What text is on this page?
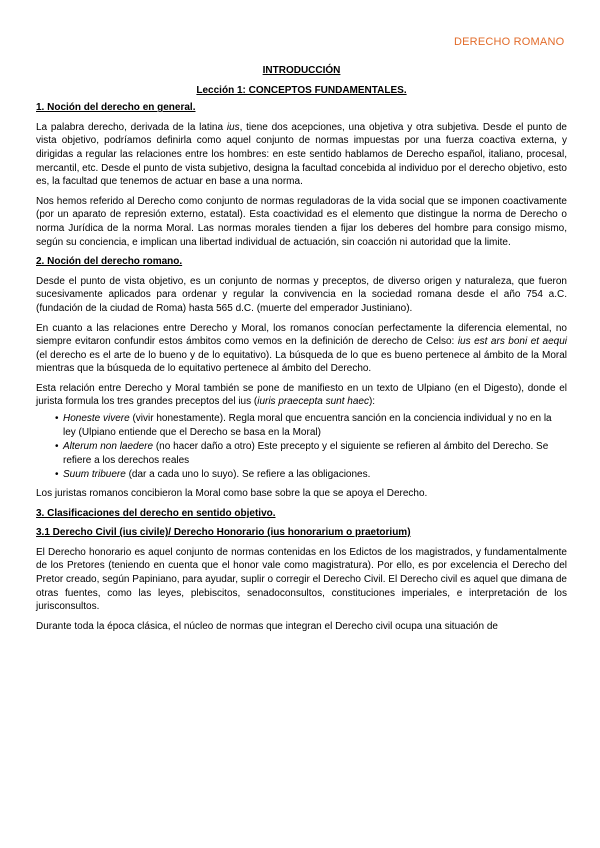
DERECHO ROMANO

INTRODUCCIÓN

Lección 1: CONCEPTOS FUNDAMENTALES.

1. Noción del derecho en general.

La palabra derecho, derivada de la latina ius, tiene dos acepciones, una objetiva y otra subjetiva. Desde el punto de vista objetivo, podríamos definirla como aquel conjunto de normas impuestas por una fuerza coactiva externa, y dirigidas a regular las relaciones entre los hombres: en este sentido hablamos de Derecho español, italiano, procesal, mercantil, etc. Desde el punto de vista subjetivo, designa la facultad concebida al individuo por el derecho objetivo, esto es, la facultad que tenemos de actuar en base a una norma.

Nos hemos referido al Derecho como conjunto de normas reguladoras de la vida social que se imponen coactivamente (por un aparato de represión externo, estatal). Esta coactividad es el elemento que distingue la norma de Derecho o norma Jurídica de la norma Moral. Las normas morales tienden a fijar los deberes del hombre para consigo mismo, según su conciencia, e implican una libertad individual de actuación, sin coacción ni autoridad que la limite.

2. Noción del derecho romano.

Desde el punto de vista objetivo, es un conjunto de normas y preceptos, de diverso origen y naturaleza, que fueron sucesivamente aplicados para ordenar y regular la convivencia en la sociedad romana desde el año 754 a.C. (fundación de la ciudad de Roma) hasta 565 d.C. (muerte del emperador Justiniano).

En cuanto a las relaciones entre Derecho y Moral, los romanos conocían perfectamente la diferencia elemental, no siempre evitaron confundir estos ámbitos como vemos en la definición de derecho de Celso: ius est ars boni et aequi (el derecho es el arte de lo bueno y de lo equitativo). La búsqueda de lo que es bueno pertenece al ámbito de la Moral mientras que la búsqueda de lo equitativo pertenece al ámbito del Derecho.

Esta relación entre Derecho y Moral también se pone de manifiesto en un texto de Ulpiano (en el Digesto), donde el jurista formula los tres grandes preceptos del ius (iuris praecepta sunt haec):

• Honeste vivere (vivir honestamente). Regla moral que encuentra sanción en la conciencia individual y no en la ley (Ulpiano entiende que el Derecho se basa en la Moral)
• Alterum non laedere (no hacer daño a otro) Este precepto y el siguiente se refieren al ámbito del Derecho. Se refiere a los derechos reales
• Suum tribuere (dar a cada uno lo suyo). Se refiere a las obligaciones.

Los juristas romanos concibieron la Moral como base sobre la que se apoya el Derecho.

3. Clasificaciones del derecho en sentido objetivo.

3.1 Derecho Civil (ius civile)/ Derecho Honorario (ius honorarium o praetorium)

El Derecho honorario es aquel conjunto de normas contenidas en los Edictos de los magistrados, y fundamentalmente de los Pretores (teniendo en cuenta que el honor vale como magistratura). Por ello, es por excelencia el Derecho del Pretor creado, según Papiniano, para ayudar, suplir o corregir el Derecho Civil. El Derecho civil es aquel que dimana de otras fuentes, como las leyes, plebiscitos, senadoconsultos, constituciones imperiales, e interpretación de los jurisconsultos.

Durante toda la época clásica, el núcleo de normas que integran el Derecho civil ocupa una situación de
